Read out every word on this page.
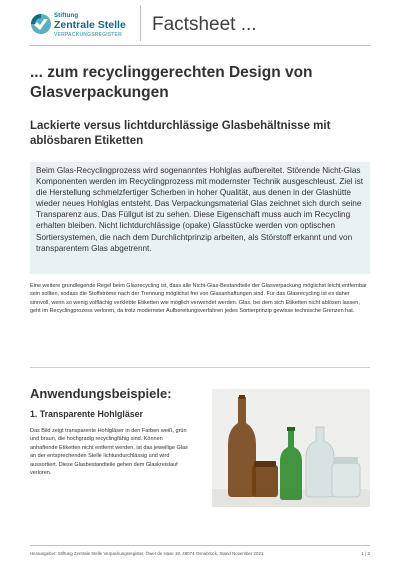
Stiftung
Zentrale Stelle
VERPACKUNGSREGISTER Factsheet ...
... zum recyclinggerechten Design von Glasverpackungen
Lackierte versus lichtdurchlässige Glasbehältnisse mit ablösbaren Etiketten

Beim Glas-Recyclingprozess wird sogenanntes Hohlglas aufbereitet. Störende Nicht-Glas Komponenten werden im Recyclingprozess mit modernster Technik ausgeschleust. Ziel ist die Herstellung schmelzfertiger Scherben in hoher Qualität, aus denen in der Glashütte wieder neues Hohlglas entsteht. Das Verpackungsmaterial Glas zeichnet sich durch seine Transparenz aus. Das Füllgut ist zu sehen. Diese Eigenschaft muss auch im Recycling erhalten bleiben. Nicht lichtdurchlässige (opake) Glasstücke werden von optischen Sortiersystemen, die nach dem Durchlichtprinzip arbeiten, als Störstoff erkannt und von transparentem Glas abgetrennt.

Eine weitere grundlegende Regel beim Glasrecycling ist, dass alle Nicht-Glas-Bestandteile der Glasverpackung möglichst leicht entfernbar sein sollten, sodass die Stoffströme nach der Trennung möglichst frei von Glasanhaftungen sind. Für das Glasrecycling ist es daher sinnvoll, wenn so wenig volflächig verklebte Etiketten wie möglich verwendet werden. Glas, bei dem sich Etiketten nicht ablösen lassen, geht im Recyclingprozess verloren, da trotz modernster Aufbereitungsverfahren jedes Sortierprinzip gewisse technische Grenzen hat.

Anwendungsbeispiele:
1. Transparente Hohlgläser

Das Bild zeigt transparente Hohlgläser in den Farben weiß, grün und braun, die hochgradig recyclingfähig sind. Können anhaftende Etiketten nicht entfernt werden, ist das jeweilige Glas an der entsprechenden Stelle lichtundurchlässig und wird aussortiert. Diese Glasbestandteile gehen dem Glaskreislauf verloren.

Herausgeber: Stiftung Zentrale Stelle Verpackungsregister, Öwer de Hase 18, 49074 Osnabrück, Stand November 2021	1 | 2
